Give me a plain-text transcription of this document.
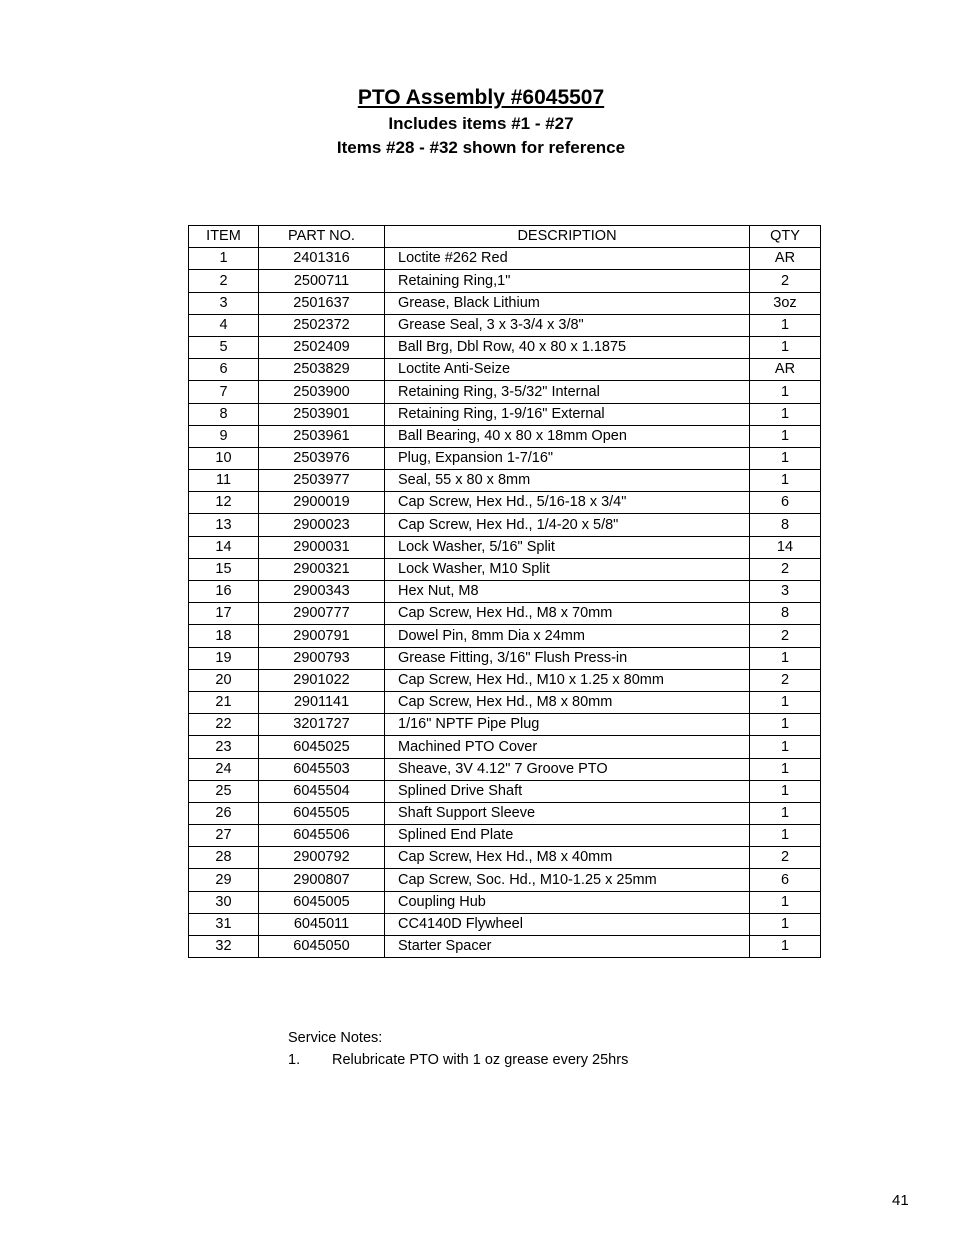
PTO Assembly #6045507

Includes items #1 - #27

Items #28 - #32 shown for reference

ITEM	PART NO.	DESCRIPTION	QTY
1	2401316	Loctite #262 Red	AR
2	2500711	Retaining Ring,1"	2
3	2501637	Grease, Black Lithium	3oz
4	2502372	Grease Seal, 3 x 3-3/4 x 3/8"	1
5	2502409	Ball Brg, Dbl Row, 40 x 80 x 1.1875	1
6	2503829	Loctite Anti-Seize	AR
7	2503900	Retaining Ring, 3-5/32" Internal	1
8	2503901	Retaining Ring, 1-9/16" External	1
9	2503961	Ball Bearing, 40 x 80 x 18mm Open	1
10	2503976	Plug, Expansion 1-7/16"	1
11	2503977	Seal, 55 x 80 x 8mm	1
12	2900019	Cap Screw, Hex Hd., 5/16-18 x 3/4"	6
13	2900023	Cap Screw, Hex Hd., 1/4-20 x 5/8"	8
14	2900031	Lock Washer, 5/16" Split	14
15	2900321	Lock Washer, M10 Split	2
16	2900343	Hex Nut, M8	3
17	2900777	Cap Screw, Hex Hd., M8 x 70mm	8
18	2900791	Dowel Pin, 8mm Dia x 24mm	2
19	2900793	Grease Fitting, 3/16" Flush Press-in	1
20	2901022	Cap Screw, Hex Hd., M10 x 1.25 x 80mm	2
21	2901141	Cap Screw, Hex Hd., M8 x 80mm	1
22	3201727	1/16" NPTF Pipe Plug	1
23	6045025	Machined PTO Cover	1
24	6045503	Sheave, 3V 4.12" 7 Groove PTO	1
25	6045504	Splined Drive Shaft	1
26	6045505	Shaft Support Sleeve	1
27	6045506	Splined End Plate	1
28	2900792	Cap Screw, Hex Hd., M8 x 40mm	2
29	2900807	Cap Screw, Soc. Hd., M10-1.25 x 25mm	6
30	6045005	Coupling Hub	1
31	6045011	CC4140D Flywheel	1
32	6045050	Starter Spacer	1
Service Notes:
1.	Relubricate PTO with 1 oz grease every 25hrs
41
